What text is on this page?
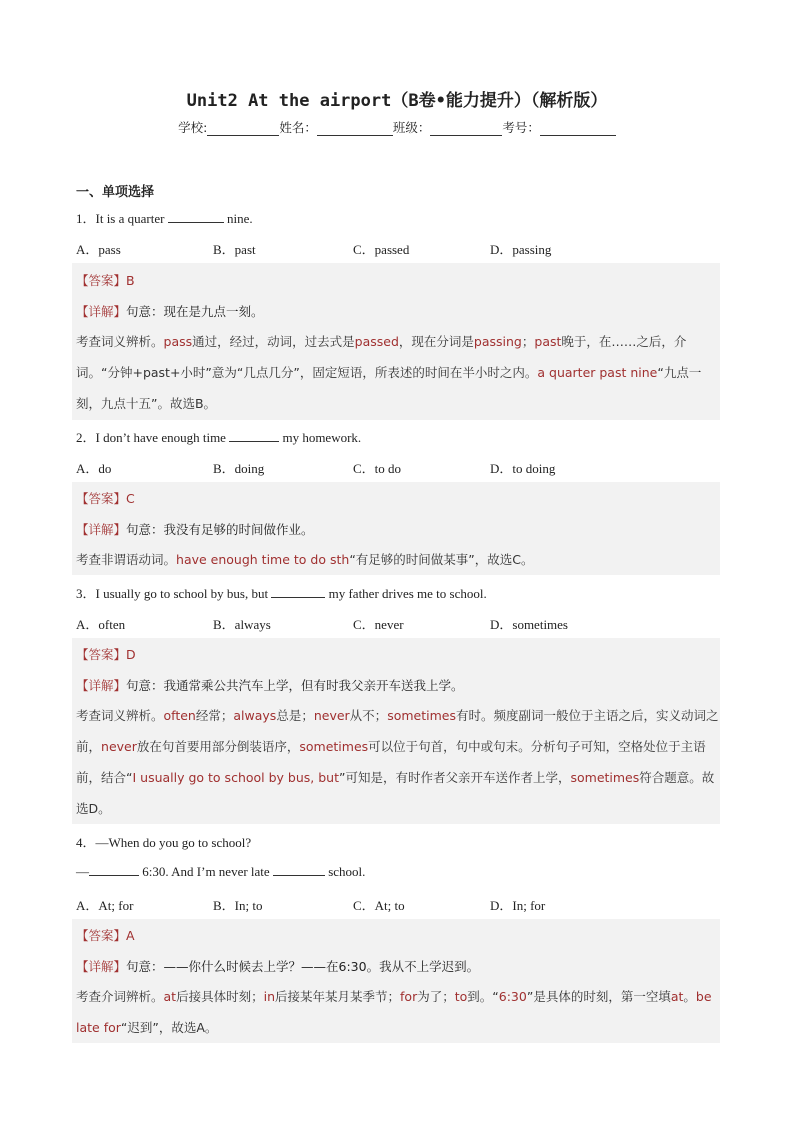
Unit2 At the airport（B卷•能力提升）（解析版）
学校:	姓名：	班级：	考号：
一、单项选择
1．It is a quarter	nine.
A．pass	B．past	C．passed	D．passing
【答案】B
【详解】句意：现在是九点一刻。
考查词义辨析。pass通过，经过，动词，过去式是passed，现在分词是passing；past晚于，在……之后，介词。“分钟+past+小时”意为“几点几分”，固定短语，所表述的时间在半小时之内。a quarter past nine“九点一刻，九点十五”。故选B。
2．I don’t have enough time	my homework.
A．do	B．doing	C．to do	D．to doing
【答案】C
【详解】句意：我没有足够的时间做作业。
考查非谓语动词。have enough time to do sth“有足够的时间做某事”，故选C。
3．I usually go to school by bus, but	my father drives me to school.
A．often	B．always	C．never	D．sometimes
【答案】D
【详解】句意：我通常乘公共汽车上学，但有时我父亲开车送我上学。
考查词义辨析。often经常；always总是；never从不；sometimes有时。频度副词一般位于主语之后，实义动词之前，never放在句首要用部分倒装语序，sometimes可以位于句首，句中或句末。分析句子可知，空格处位于主语前，结合“I usually go to school by bus, but”可知是，有时作者父亲开车送作者上学，sometimes符合题意。故选D。
4．—When do you go to school?
—	6:30. And I’m never late	school.
A．At; for	B．In; to	C．At; to	D．In; for
【答案】A
【详解】句意：——你什么时候去上学？——在6:30。我从不上学迟到。
考查介词辨析。at后接具体时刻；in后接某年某月某季节；for为了；to到。“6:30”是具体的时刻，第一空填at。be late for“迟到”，故选A。
